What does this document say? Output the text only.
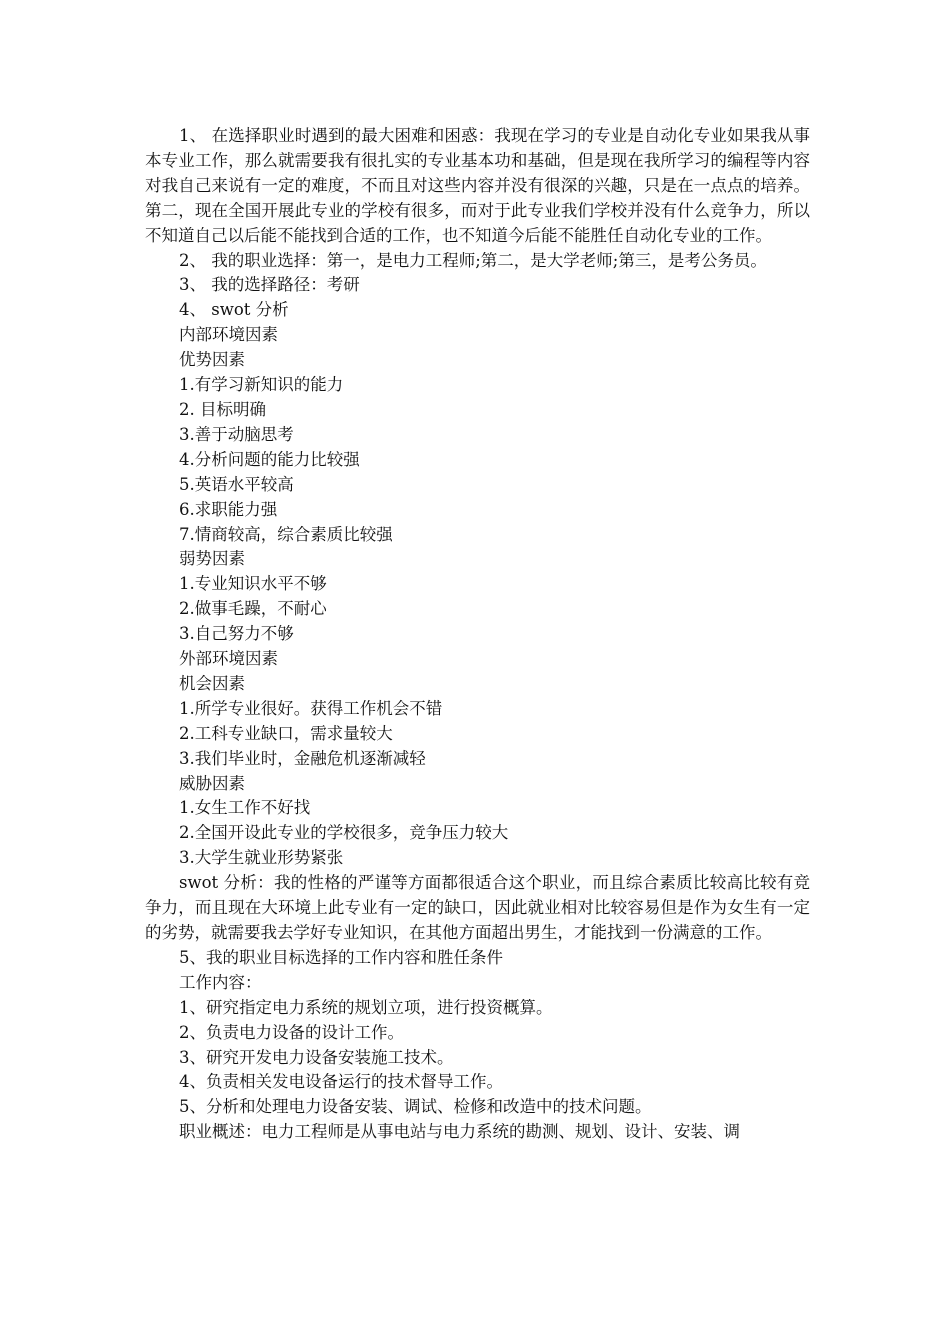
1、 在选择职业时遇到的最大困难和困惑：我现在学习的专业是自动化专业如果我从事本专业工作，那么就需要我有很扎实的专业基本功和基础，但是现在我所学习的编程等内容对我自己来说有一定的难度，不而且对这些内容并没有很深的兴趣，只是在一点点的培养。第二，现在全国开展此专业的学校有很多，而对于此专业我们学校并没有什么竞争力，所以不知道自己以后能不能找到合适的工作，也不知道今后能不能胜任自动化专业的工作。
2、 我的职业选择：第一，是电力工程师;第二，是大学老师;第三，是考公务员。
3、 我的选择路径：考研
4、 swot 分析
内部环境因素
优势因素
1.有学习新知识的能力
2. 目标明确
3.善于动脑思考
4.分析问题的能力比较强
5.英语水平较高
6.求职能力强
7.情商较高，综合素质比较强
弱势因素
1.专业知识水平不够
2.做事毛躁，不耐心
3.自己努力不够
外部环境因素
机会因素
1.所学专业很好。获得工作机会不错
2.工科专业缺口，需求量较大
3.我们毕业时，金融危机逐渐减轻
威胁因素
1.女生工作不好找
2.全国开设此专业的学校很多，竞争压力较大
3.大学生就业形势紧张
swot 分析：我的性格的严谨等方面都很适合这个职业，而且综合素质比较高比较有竞争力，而且现在大环境上此专业有一定的缺口，因此就业相对比较容易但是作为女生有一定的劣势，就需要我去学好专业知识，在其他方面超出男生，才能找到一份满意的工作。
5、我的职业目标选择的工作内容和胜任条件
工作内容：
1、研究指定电力系统的规划立项，进行投资概算。
2、负责电力设备的设计工作。
3、研究开发电力设备安装施工技术。
4、负责相关发电设备运行的技术督导工作。
5、分析和处理电力设备安装、调试、检修和改造中的技术问题。
职业概述：电力工程师是从事电站与电力系统的勘测、规划、设计、安装、调
